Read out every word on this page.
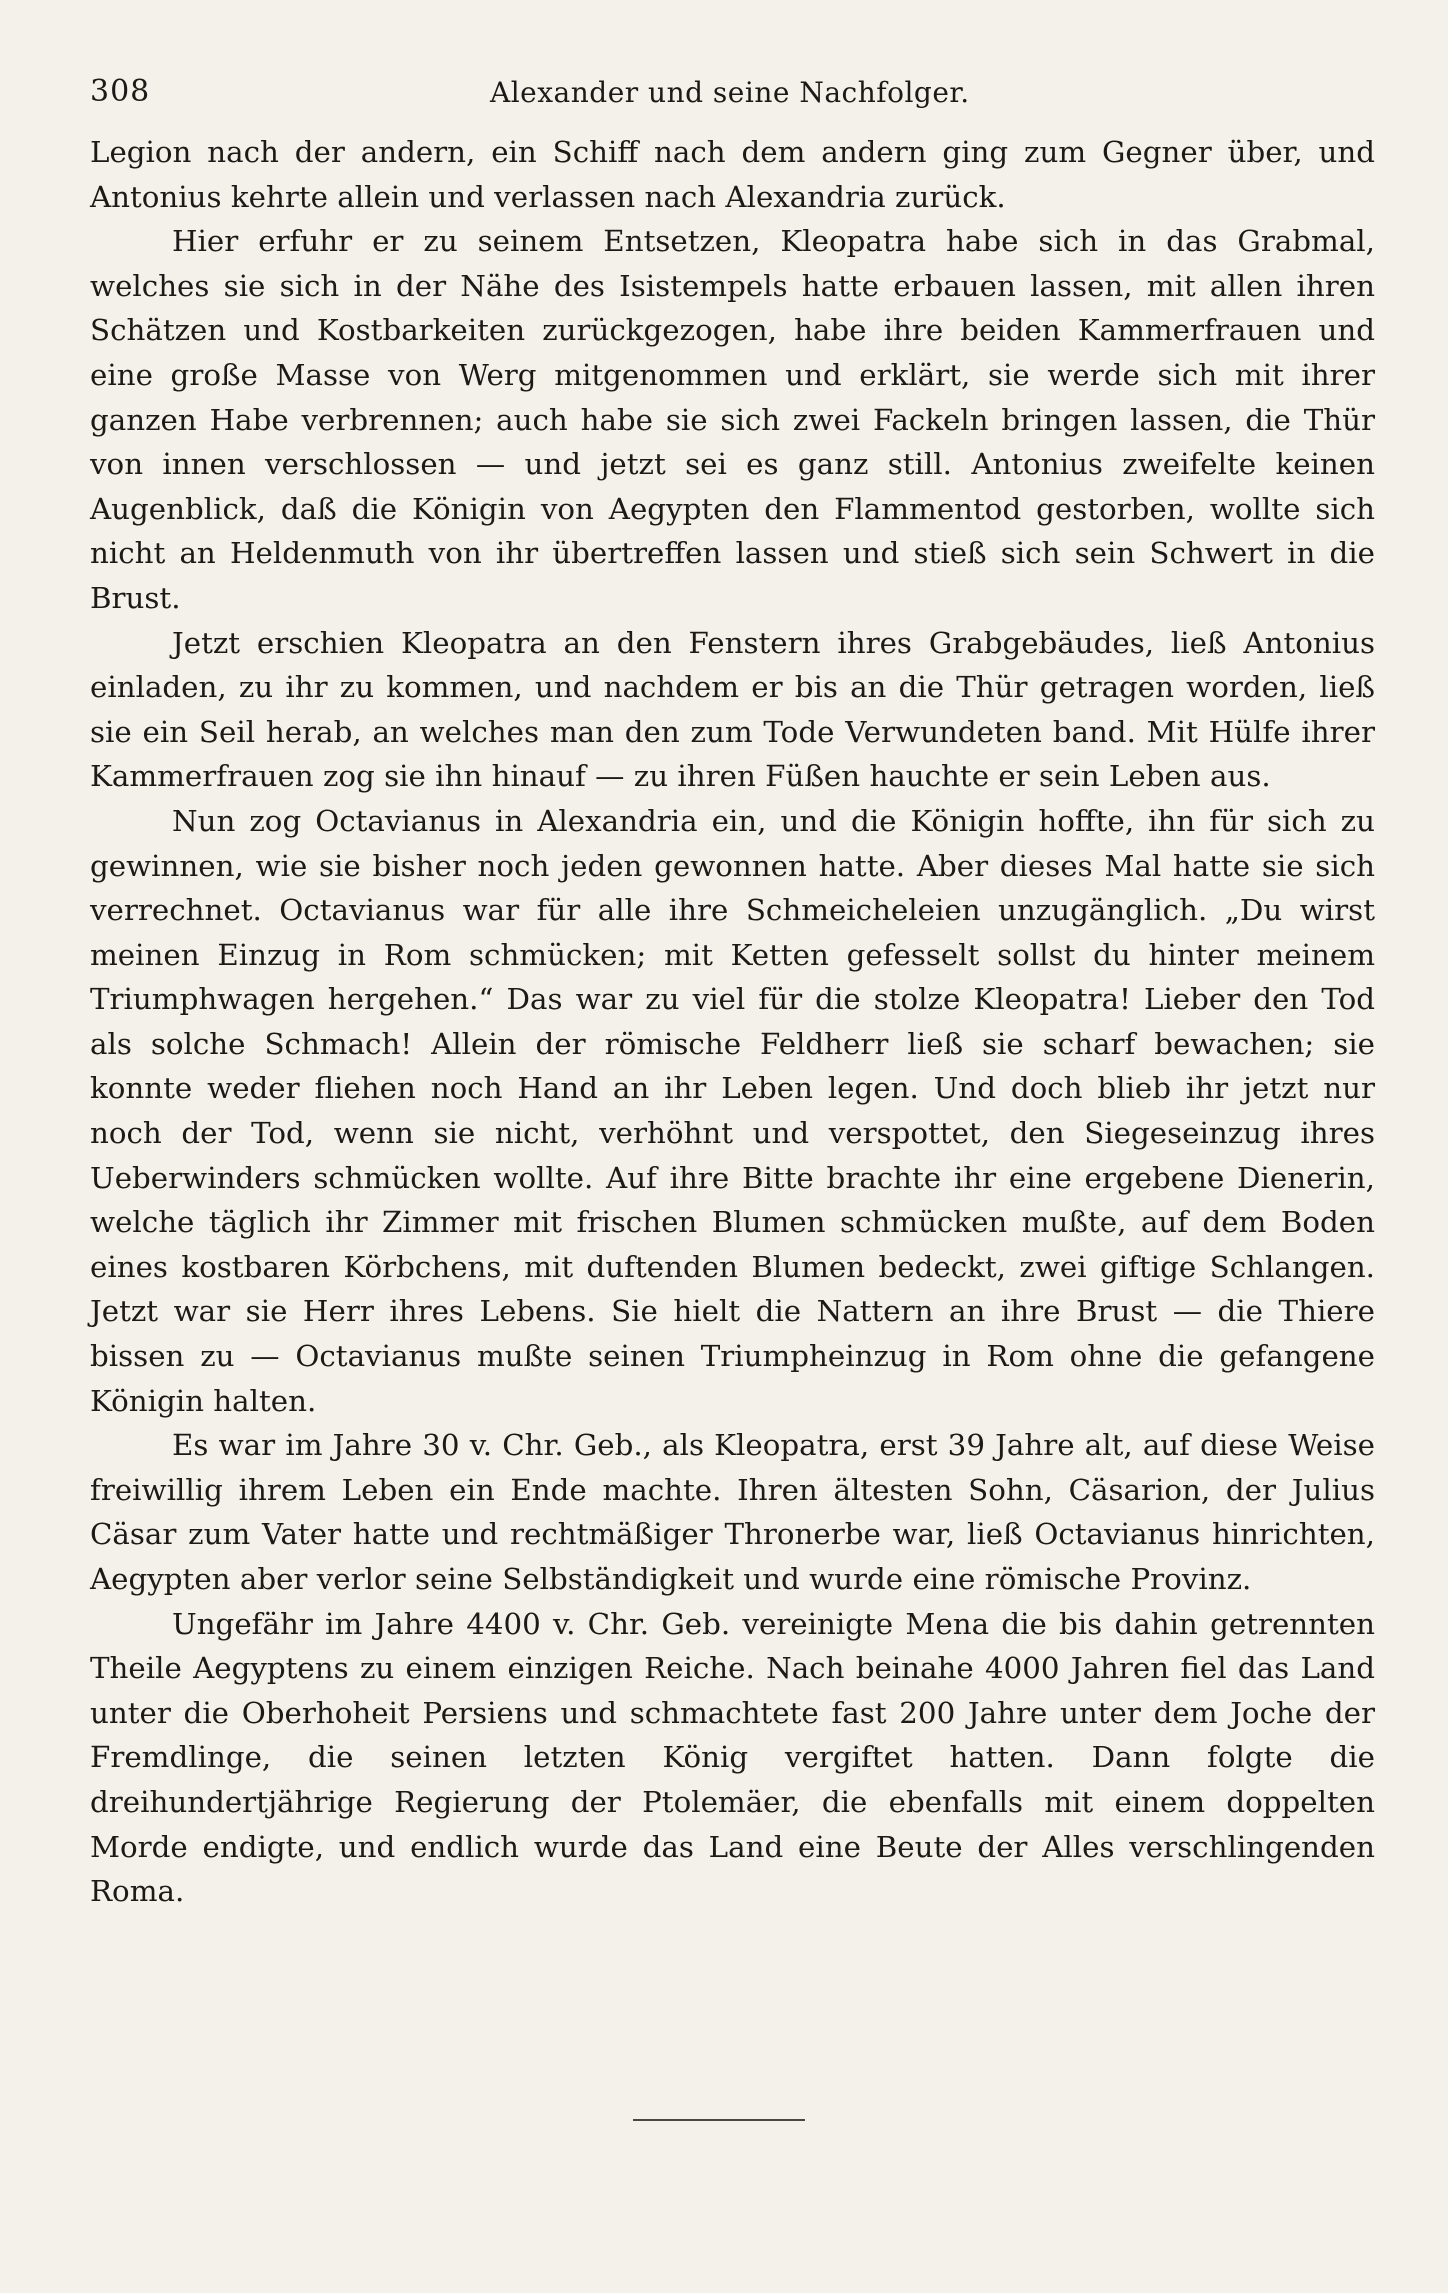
308	Alexander und seine Nachfolger.

Legion nach der andern, ein Schiff nach dem andern ging zum Gegner über, und Antonius kehrte allein und verlassen nach Alexandria zurück.

Hier erfuhr er zu seinem Entsetzen, Kleopatra habe sich in das Grabmal, welches sie sich in der Nähe des Isistempels hatte erbauen lassen, mit allen ihren Schätzen und Kostbarkeiten zurückgezogen, habe ihre beiden Kammerfrauen und eine große Masse von Werg mitgenommen und erklärt, sie werde sich mit ihrer ganzen Habe verbrennen; auch habe sie sich zwei Fackeln bringen lassen, die Thür von innen verschlossen — und jetzt sei es ganz still. Antonius zweifelte keinen Augenblick, daß die Königin von Aegypten den Flammentod gestorben, wollte sich nicht an Heldenmuth von ihr übertreffen lassen und stieß sich sein Schwert in die Brust.

Jetzt erschien Kleopatra an den Fenstern ihres Grabgebäudes, ließ Antonius einladen, zu ihr zu kommen, und nachdem er bis an die Thür getragen worden, ließ sie ein Seil herab, an welches man den zum Tode Verwundeten band. Mit Hülfe ihrer Kammerfrauen zog sie ihn hinauf — zu ihren Füßen hauchte er sein Leben aus.

Nun zog Octavianus in Alexandria ein, und die Königin hoffte, ihn für sich zu gewinnen, wie sie bisher noch jeden gewonnen hatte. Aber dieses Mal hatte sie sich verrechnet. Octavianus war für alle ihre Schmeicheleien unzugänglich. „Du wirst meinen Einzug in Rom schmücken; mit Ketten gefesselt sollst du hinter meinem Triumphwagen hergehen.“ Das war zu viel für die stolze Kleopatra! Lieber den Tod als solche Schmach! Allein der römische Feldherr ließ sie scharf bewachen; sie konnte weder fliehen noch Hand an ihr Leben legen. Und doch blieb ihr jetzt nur noch der Tod, wenn sie nicht, verhöhnt und verspottet, den Siegeseinzug ihres Ueberwinders schmücken wollte. Auf ihre Bitte brachte ihr eine ergebene Dienerin, welche täglich ihr Zimmer mit frischen Blumen schmücken mußte, auf dem Boden eines kostbaren Körbchens, mit duftenden Blumen bedeckt, zwei giftige Schlangen. Jetzt war sie Herr ihres Lebens. Sie hielt die Nattern an ihre Brust — die Thiere bissen zu — Octavianus mußte seinen Triumpheinzug in Rom ohne die gefangene Königin halten.

Es war im Jahre 30 v. Chr. Geb., als Kleopatra, erst 39 Jahre alt, auf diese Weise freiwillig ihrem Leben ein Ende machte. Ihren ältesten Sohn, Cäsarion, der Julius Cäsar zum Vater hatte und rechtmäßiger Thronerbe war, ließ Octavianus hinrichten, Aegypten aber verlor seine Selbständigkeit und wurde eine römische Provinz.

Ungefähr im Jahre 4400 v. Chr. Geb. vereinigte Mena die bis dahin getrennten Theile Aegyptens zu einem einzigen Reiche. Nach beinahe 4000 Jahren fiel das Land unter die Oberhoheit Persiens und schmachtete fast 200 Jahre unter dem Joche der Fremdlinge, die seinen letzten König vergiftet hatten. Dann folgte die dreihundertjährige Regierung der Ptolemäer, die ebenfalls mit einem doppelten Morde endigte, und endlich wurde das Land eine Beute der Alles verschlingenden Roma.
